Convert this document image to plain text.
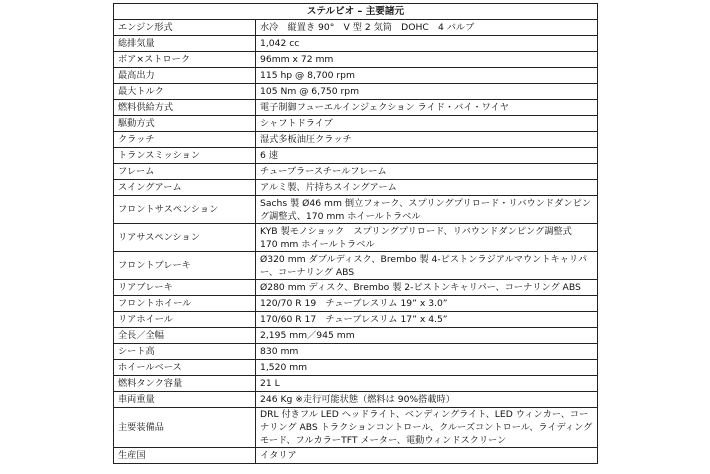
ステルビオ – 主要諸元	
エンジン形式	水冷　縦置き 90°　V 型 2 気筒　DOHC　4 バルブ
総排気量	1,042 cc
ボア×ストローク	96mm x 72 mm
最高出力	115 hp @ 8,700 rpm
最大トルク	105 Nm @ 6,750 rpm
燃料供給方式	電子制御フューエルインジェクション ライド・バイ・ワイヤ
駆動方式	シャフトドライブ
クラッチ	湿式多板油圧クラッチ
トランスミッション	6 速
フレーム	チューブラースチールフレーム
スイングアーム	アルミ製、片持ちスイングアーム
フロントサスペンション	Sachs 製 Ø46 mm 倒立フォーク、スプリングプリロード・リバウンドダンピング調整式、170 mm ホイールトラベル
リアサスペンション	KYB 製モノショック　スプリングプリロード、リバウンドダンピング調整式
170 mm ホイールトラベル
フロントブレーキ	Ø320 mm ダブルディスク、Brembo 製 4-ピストンラジアルマウントキャリパー、コーナリング ABS
リアブレーキ	Ø280 mm ディスク、Brembo 製 2-ピストンキャリパー、コーナリング ABS
フロントホイール	120/70 R 19　チューブレスリム 19” x 3.0”
リアホイール	170/60 R 17　チューブレスリム 17” x 4.5”
全長／全幅	2,195 mm／945 mm
シート高	830 mm
ホイールベース	1,520 mm
燃料タンク容量	21 L
車両重量	246 Kg ※走行可能状態（燃料は 90%搭載時）
主要装備品	DRL 付きフル LED ヘッドライト、ベンディングライト、LED ウィンカー、コーナリング ABS トラクションコントロール、クルーズコントロール、ライディングモード、フルカラーTFT メーター、電動ウィンドスクリーン
生産国	イタリア
